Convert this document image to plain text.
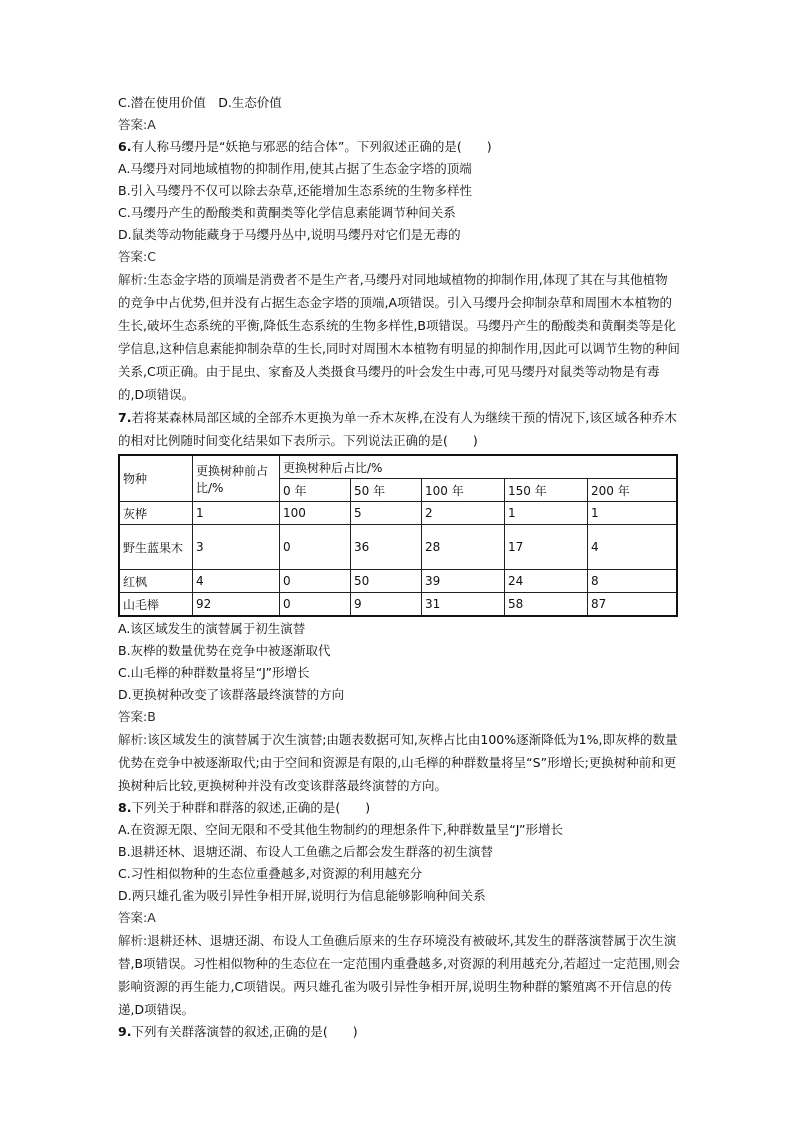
C.潜在使用价值　D.生态价值
答案:A
6.有人称马缨丹是“妖艳与邪恶的结合体”。下列叙述正确的是(　　)
A.马缨丹对同地域植物的抑制作用,使其占据了生态金字塔的顶端
B.引入马缨丹不仅可以除去杂草,还能增加生态系统的生物多样性
C.马缨丹产生的酚酸类和黄酮类等化学信息素能调节种间关系
D.鼠类等动物能藏身于马缨丹丛中,说明马缨丹对它们是无毒的
答案:C
解析:生态金字塔的顶端是消费者不是生产者,马缨丹对同地域植物的抑制作用,体现了其在与其他植物的竞争中占优势,但并没有占据生态金字塔的顶端,A项错误。引入马缨丹会抑制杂草和周围木本植物的生长,破坏生态系统的平衡,降低生态系统的生物多样性,B项错误。马缨丹产生的酚酸类和黄酮类等是化学信息,这种信息素能抑制杂草的生长,同时对周围木本植物有明显的抑制作用,因此可以调节生物的种间关系,C项正确。由于昆虫、家畜及人类摄食马缨丹的叶会发生中毒,可见马缨丹对鼠类等动物是有毒的,D项错误。
7.若将某森林局部区域的全部乔木更换为单一乔木灰桦,在没有人为继续干预的情况下,该区域各种乔木的相对比例随时间变化结果如下表所示。下列说法正确的是(　　)
物种	更换树种前占比/%	更换树种后占比/%				
		0 年	50 年	100 年	150 年	200 年
灰桦	1	100	5	2	1	1
野生蓝果木	3	0	36	28	17	4
红枫	4	0	50	39	24	8
山毛榉	92	0	9	31	58	87
A.该区域发生的演替属于初生演替
B.灰桦的数量优势在竞争中被逐渐取代
C.山毛榉的种群数量将呈“J”形增长
D.更换树种改变了该群落最终演替的方向
答案:B
解析:该区域发生的演替属于次生演替;由题表数据可知,灰桦占比由100%逐渐降低为1%,即灰桦的数量优势在竞争中被逐渐取代;由于空间和资源是有限的,山毛榉的种群数量将呈“S”形增长;更换树种前和更换树种后比较,更换树种并没有改变该群落最终演替的方向。
8.下列关于种群和群落的叙述,正确的是(　　)
A.在资源无限、空间无限和不受其他生物制约的理想条件下,种群数量呈“J”形增长
B.退耕还林、退塘还湖、布设人工鱼礁之后都会发生群落的初生演替
C.习性相似物种的生态位重叠越多,对资源的利用越充分
D.两只雄孔雀为吸引异性争相开屏,说明行为信息能够影响种间关系
答案:A
解析:退耕还林、退塘还湖、布设人工鱼礁后原来的生存环境没有被破坏,其发生的群落演替属于次生演替,B项错误。习性相似物种的生态位在一定范围内重叠越多,对资源的利用越充分,若超过一定范围,则会影响资源的再生能力,C项错误。两只雄孔雀为吸引异性争相开屏,说明生物种群的繁殖离不开信息的传递,D项错误。
9.下列有关群落演替的叙述,正确的是(　　)
